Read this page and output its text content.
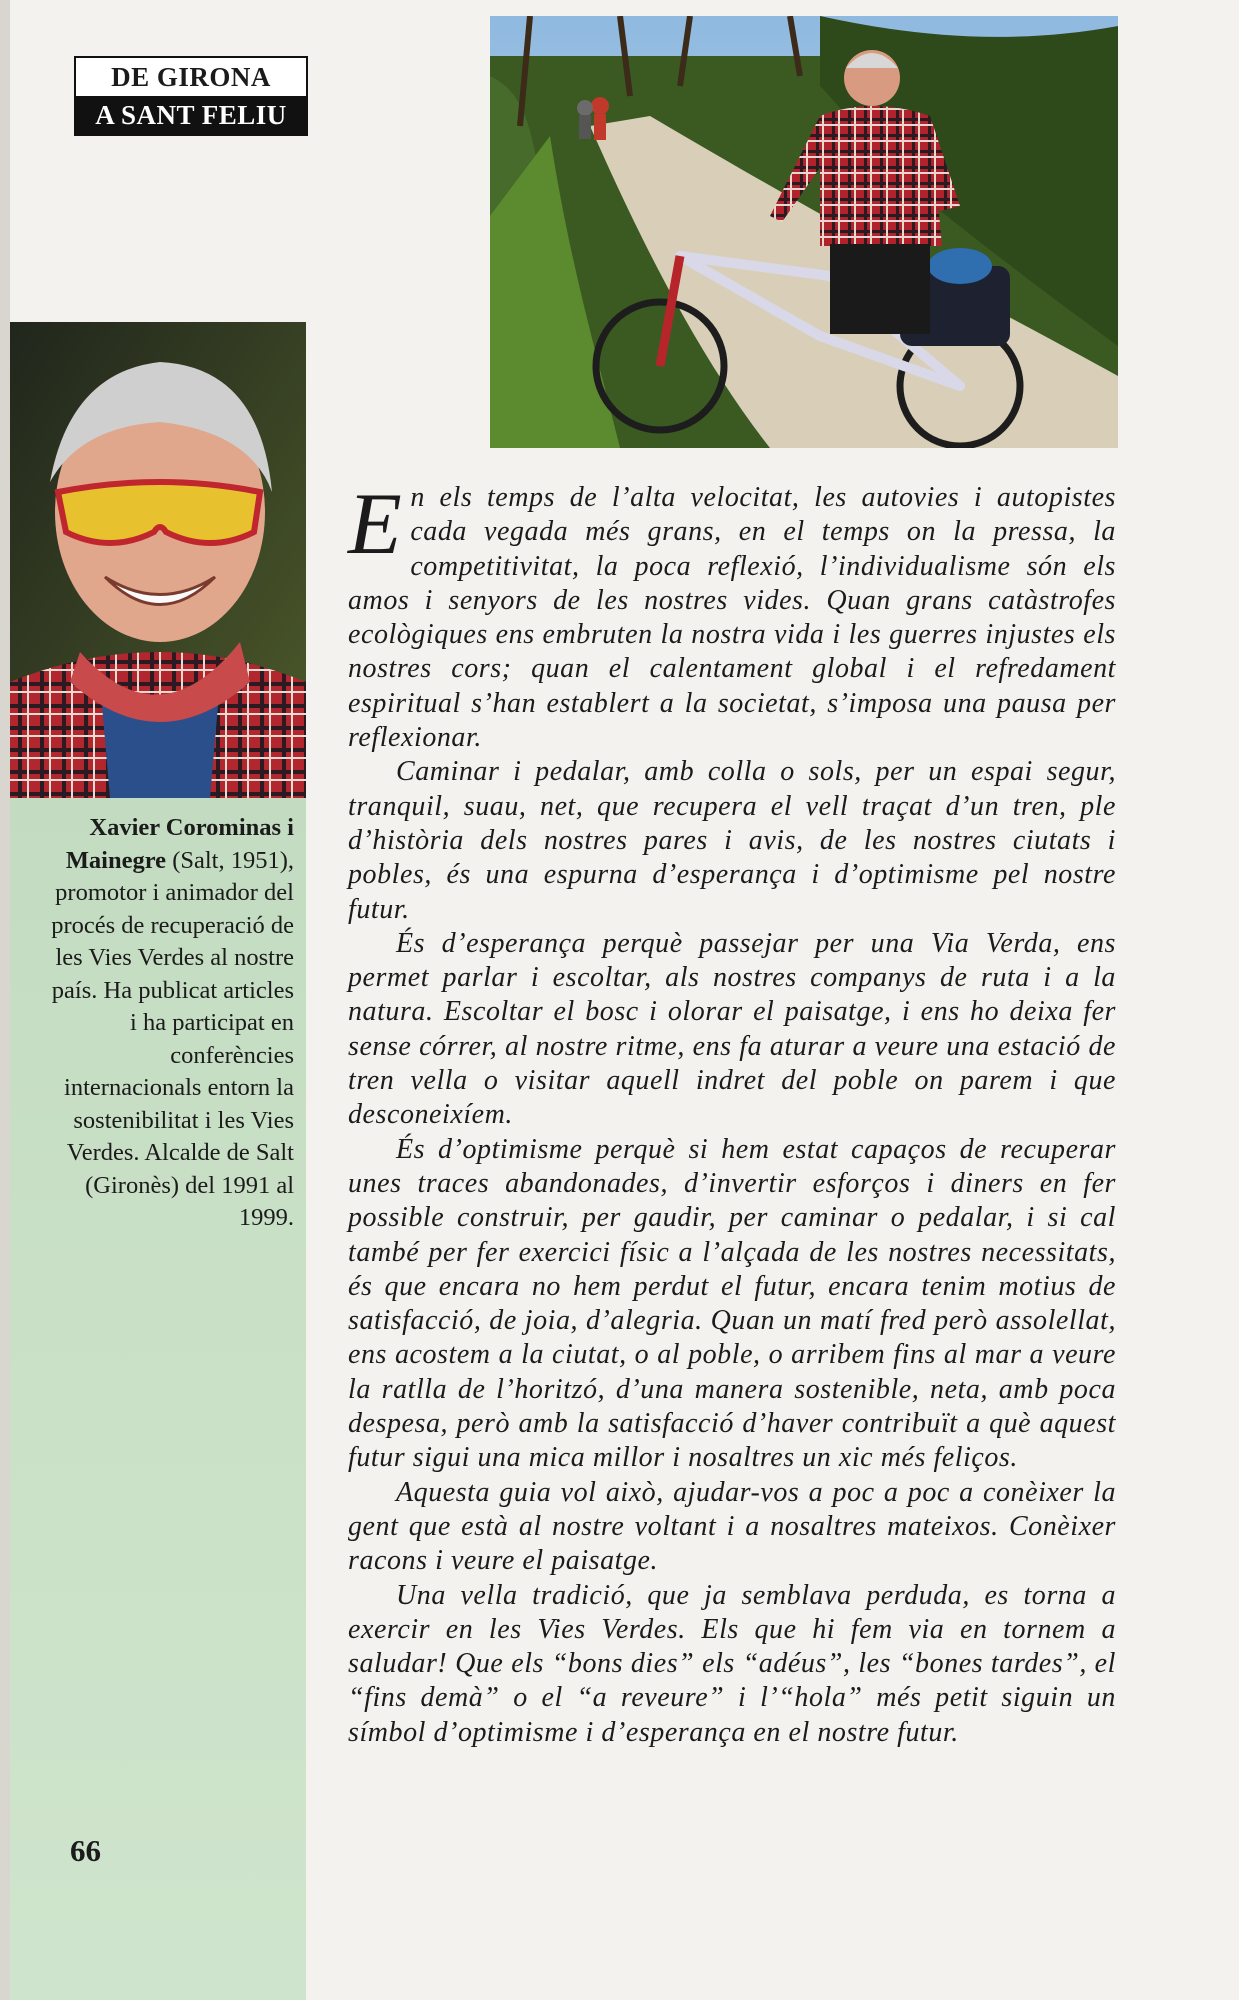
DE GIRONA
A SANT FELIU
Xavier Corominas i Mainegre (Salt, 1951), promotor i animador del procés de recuperació de les Vies Verdes al nostre país. Ha publicat articles i ha participat en conferències internacionals entorn la sostenibilitat i les Vies Verdes. Alcalde de Salt (Gironès) del 1991 al 1999.
66

En els temps de l’alta velocitat, les autovies i autopistes cada vegada més grans, en el temps on la pressa, la competitivitat, la poca reflexió, l’individualisme són els amos i senyors de les nostres vides. Quan grans catàstrofes ecològiques ens embruten la nostra vida i les guerres injustes els nostres cors; quan el calentament global i el refredament espiritual s’han establert a la societat, s’imposa una pausa per reflexionar.

Caminar i pedalar, amb colla o sols, per un espai segur, tranquil, suau, net, que recupera el vell traçat d’un tren, ple d’història dels nostres pares i avis, de les nostres ciutats i pobles, és una espurna d’esperança i d’optimisme pel nostre futur.

És d’esperança perquè passejar per una Via Verda, ens permet parlar i escoltar, als nostres companys de ruta i a la natura. Escoltar el bosc i olorar el paisatge, i ens ho deixa fer sense córrer, al nostre ritme, ens fa aturar a veure una estació de tren vella o visitar aquell indret del poble on parem i que desconeixíem.

És d’optimisme perquè si hem estat capaços de recuperar unes traces abandonades, d’invertir esforços i diners en fer possible construir, per gaudir, per caminar o pedalar, i si cal també per fer exercici físic a l’alçada de les nostres necessitats, és que encara no hem perdut el futur, encara tenim motius de satisfacció, de joia, d’alegria. Quan un matí fred però assolellat, ens acostem a la ciutat, o al poble, o arribem fins al mar a veure la ratlla de l’horitzó, d’una manera sostenible, neta, amb poca despesa, però amb la satisfacció d’haver contribuït a què aquest futur sigui una mica millor i nosaltres un xic més feliços.

Aquesta guia vol això, ajudar-vos a poc a poc a conèixer la gent que està al nostre voltant i a nosaltres mateixos. Conèixer racons i veure el paisatge.

Una vella tradició, que ja semblava perduda, es torna a exercir en les Vies Verdes. Els que hi fem via en tornem a saludar! Que els “bons dies” els “adéus”, les “bones tardes”, el “fins demà” o el “a reveure” i l’“hola” més petit siguin un símbol d’optimisme i d’esperança en el nostre futur.
